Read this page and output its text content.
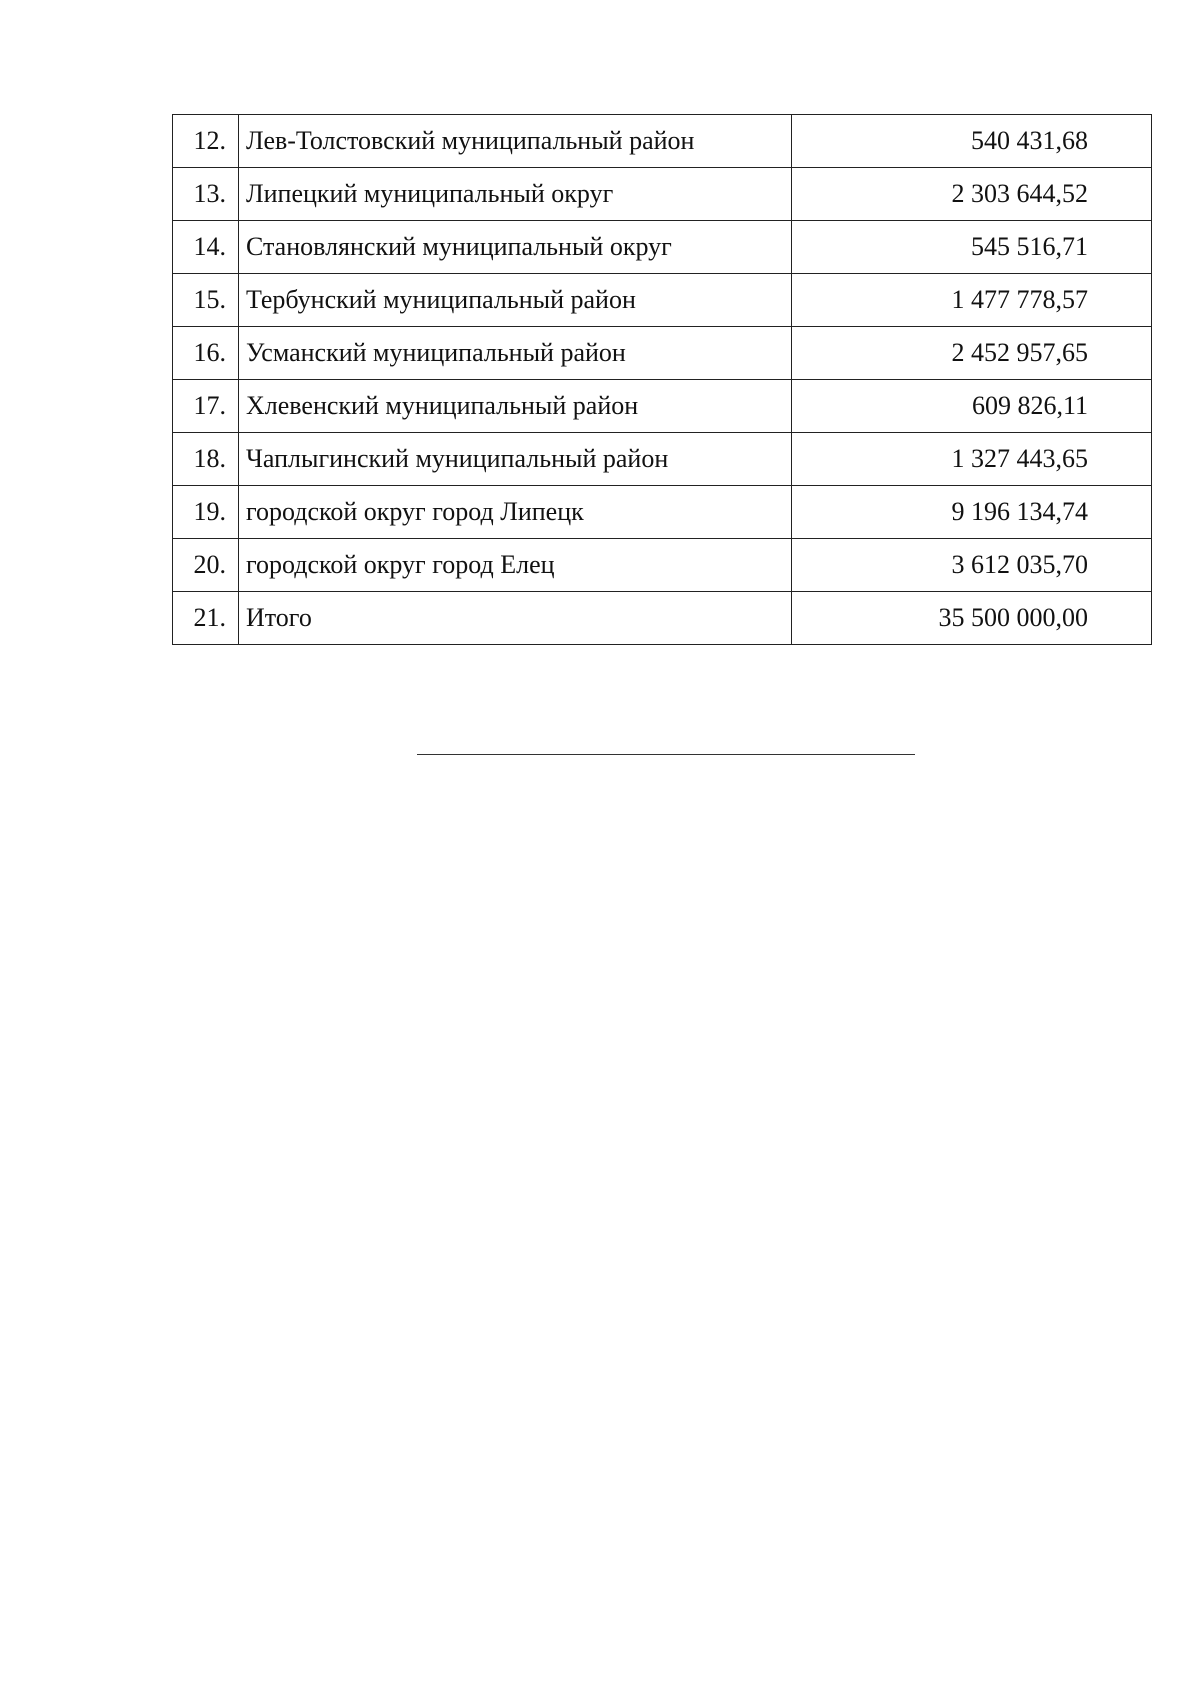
12.	Лев-Толстовский муниципальный район	540 431,68
13.	Липецкий муниципальный округ	2 303 644,52
14.	Становлянский муниципальный округ	545 516,71
15.	Тербунский муниципальный район	1 477 778,57
16.	Усманский муниципальный район	2 452 957,65
17.	Хлевенский муниципальный район	609 826,11
18.	Чаплыгинский муниципальный район	1 327 443,65
19.	городской округ город Липецк	9 196 134,74
20.	городской округ город Елец	3 612 035,70
21.	Итого	35 500 000,00
